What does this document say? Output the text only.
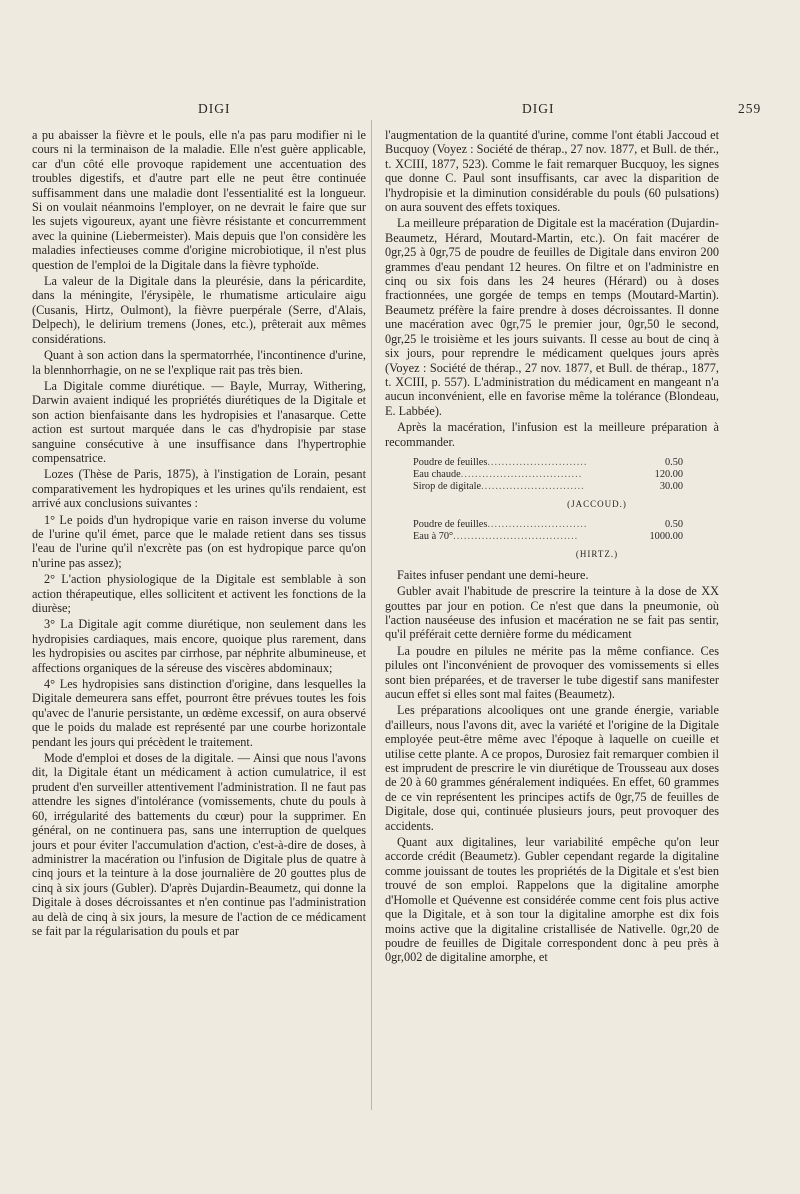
DIGI	DIGI	259

a pu abaisser la fièvre et le pouls, elle n'a pas paru modifier ni le cours ni la terminaison de la maladie. Elle n'est guère applicable, car d'un côté elle provoque rapidement une accentuation des troubles digestifs, et d'autre part elle ne peut être continuée suffisamment dans une maladie dont l'essentialité est la longueur. Si on voulait néanmoins l'employer, on ne devrait le faire que sur les sujets vigoureux, ayant une fièvre résistante et concurremment avec la quinine (Liebermeister). Mais depuis que l'on considère les maladies infectieuses comme d'origine microbiotique, il n'est plus question de l'emploi de la Digitale dans la fièvre typhoïde.

La valeur de la Digitale dans la pleurésie, dans la péricardite, dans la méningite, l'érysipèle, le rhumatisme articulaire aigu (Cusanis, Hirtz, Oulmont), la fièvre puerpérale (Serre, d'Alais, Delpech), le delirium tremens (Jones, etc.), prêterait aux mêmes considérations.

Quant à son action dans la spermatorrhée, l'incontinence d'urine, la blennhorrhagie, on ne se l'explique rait pas très bien.

La Digitale comme diurétique. — Bayle, Murray, Withering, Darwin avaient indiqué les propriétés diurétiques de la Digitale et son action bienfaisante dans les hydropisies et l'anasarque. Cette action est surtout marquée dans le cas d'hydropisie par stase sanguine consécutive à une insuffisance dans l'hypertrophie compensatrice.

Lozes (Thèse de Paris, 1875), à l'instigation de Lorain, pesant comparativement les hydropiques et les urines qu'ils rendaient, est arrivé aux conclusions suivantes :

1° Le poids d'un hydropique varie en raison inverse du volume de l'urine qu'il émet, parce que le malade retient dans ses tissus l'eau de l'urine qu'il n'excrète pas (on est hydropique parce qu'on n'urine pas assez);

2° L'action physiologique de la Digitale est semblable à son action thérapeutique, elles sollicitent et activent les fonctions de la diurèse;

3° La Digitale agit comme diurétique, non seulement dans les hydropisies cardiaques, mais encore, quoique plus rarement, dans les hydropisies ou ascites par cirrhose, par néphrite albumineuse, et affections organiques de la séreuse des viscères abdominaux;

4° Les hydropisies sans distinction d'origine, dans lesquelles la Digitale demeurera sans effet, pourront être prévues toutes les fois qu'avec de l'anurie persistante, un œdème excessif, on aura observé que le poids du malade est représenté par une courbe horizontale pendant les jours qui précèdent le traitement.

Mode d'emploi et doses de la digitale. — Ainsi que nous l'avons dit, la Digitale étant un médicament à action cumulatrice, il est prudent d'en surveiller attentivement l'administration. Il ne faut pas attendre les signes d'intolérance (vomissements, chute du pouls à 60, irrégularité des battements du cœur) pour la supprimer. En général, on ne continuera pas, sans une interruption de quelques jours et pour éviter l'accumulation d'action, c'est-à-dire de doses, à administrer la macération ou l'infusion de Digitale plus de quatre à cinq jours et la teinture à la dose journalière de 20 gouttes plus de cinq à six jours (Gubler). D'après Dujardin-Beaumetz, qui donne la Digitale à doses décroissantes et n'en continue pas l'administration au delà de cinq à six jours, la mesure de l'action de ce médicament se fait par la régularisation du pouls et par

l'augmentation de la quantité d'urine, comme l'ont établi Jaccoud et Bucquoy (Voyez : Société de thérap., 27 nov. 1877, et Bull. de thér., t. XCIII, 1877, 523). Comme le fait remarquer Bucquoy, les signes que donne C. Paul sont insuffisants, car avec la disparition de l'hydropisie et la diminution considérable du pouls (60 pulsations) on aura souvent des effets toxiques.

La meilleure préparation de Digitale est la macération (Dujardin-Beaumetz, Hérard, Moutard-Martin, etc.). On fait macérer de 0gr,25 à 0gr,75 de poudre de feuilles de Digitale dans environ 200 grammes d'eau pendant 12 heures. On filtre et on l'administre en cinq ou six fois dans les 24 heures (Hérard) ou à doses fractionnées, une gorgée de temps en temps (Moutard-Martin). Beaumetz préfère la faire prendre à doses décroissantes. Il donne une macération avec 0gr,75 le premier jour, 0gr,50 le second, 0gr,25 le troisième et les jours suivants. Il cesse au bout de cinq à six jours, pour reprendre le médicament quelques jours après (Voyez : Société de thérap., 27 nov. 1877, et Bull. de thérap., 1877, t. XCIII, p. 557). L'administration du médicament en mangeant n'a aucun inconvénient, elle en favorise même la tolérance (Blondeau, E. Labbée).

Après la macération, l'infusion est la meilleure préparation à recommander.

Poudre de feuilles............................	0.50
Eau chaude..................................	120.00
Sirop de digitale.............................	30.00
(JACCOUD.)
Poudre de feuilles............................	0.50
Eau à 70°...................................	1000.00
(HIRTZ.)

Faites infuser pendant une demi-heure.

Gubler avait l'habitude de prescrire la teinture à la dose de XX gouttes par jour en potion. Ce n'est que dans la pneumonie, où l'action nauséeuse des infusion et macération ne se fait pas sentir, qu'il préférait cette dernière forme du médicament

La poudre en pilules ne mérite pas la même confiance. Ces pilules ont l'inconvénient de provoquer des vomissements si elles sont bien préparées, et de traverser le tube digestif sans manifester aucun effet si elles sont mal faites (Beaumetz).

Les préparations alcooliques ont une grande énergie, variable d'ailleurs, nous l'avons dit, avec la variété et l'origine de la Digitale employée peut-être même avec l'époque à laquelle on cueille et utilise cette plante. A ce propos, Durosiez fait remarquer combien il est imprudent de prescrire le vin diurétique de Trousseau aux doses de 20 à 60 grammes généralement indiquées. En effet, 60 grammes de ce vin représentent les principes actifs de 0gr,75 de feuilles de Digitale, dose qui, continuée plusieurs jours, peut provoquer des accidents.

Quant aux digitalines, leur variabilité empêche qu'on leur accorde crédit (Beaumetz). Gubler cependant regarde la digitaline comme jouissant de toutes les propriétés de la Digitale et s'est bien trouvé de son emploi. Rappelons que la digitaline amorphe d'Homolle et Quévenne est considérée comme cent fois plus active que la Digitale, et à son tour la digitaline amorphe est dix fois moins active que la digitaline cristallisée de Nativelle. 0gr,20 de poudre de feuilles de Digitale correspondent donc à peu près à 0gr,002 de digitaline amorphe, et
